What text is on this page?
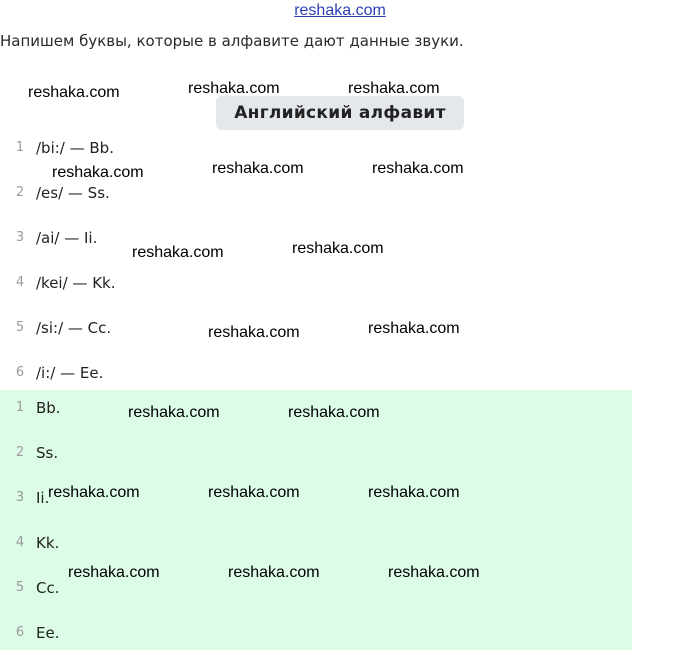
reshaka.com
Напишем буквы, которые в алфавите дают данные звуки.
Английский алфавит
1 /bi:/ — Bb.
2 /es/ — Ss.
3 /ai/ — Ii.
4 /kei/ — Kk.
5 /si:/ — Cc.
6 /i:/ — Ee.
1 Bb.
2 Ss.
3 Ii.
4 Kk.
5 Cc.
6 Ee.
reshaka.com	reshaka.com	reshaka.com
reshaka.com	reshaka.com	reshaka.com
reshaka.com	reshaka.com
reshaka.com	reshaka.com
reshaka.com	reshaka.com
reshaka.com	reshaka.com	reshaka.com
reshaka.com	reshaka.com	reshaka.com
